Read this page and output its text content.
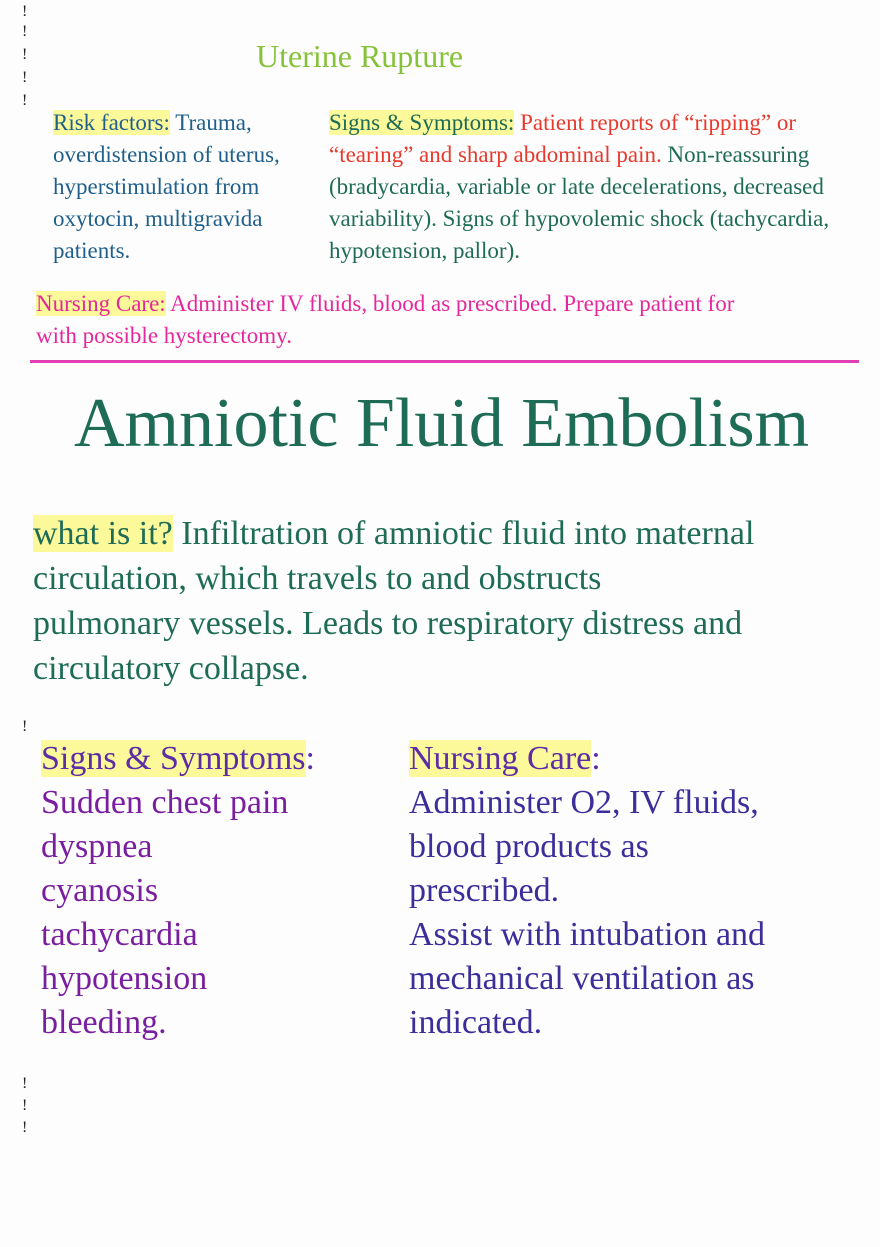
!
!
!
!
!
!
!
!
!
Uterine Rupture
Risk factors: Trauma,
overdistension of uterus,
hyperstimulation from
oxytocin, multigravida
patients.
Signs & Symptoms: Patient reports of “ripping” or
“tearing” and sharp abdominal pain. Non-reassuring
(bradycardia, variable or late decelerations, decreased
variability). Signs of hypovolemic shock (tachycardia,
hypotension, pallor).
Nursing Care: Administer IV fluids, blood as prescribed. Prepare patient for
with possible hysterectomy.
Amniotic Fluid Embolism
what is it? Infiltration of amniotic fluid into maternal
circulation, which travels to and obstructs
pulmonary vessels. Leads to respiratory distress and
circulatory collapse.
Signs & Symptoms:
Sudden chest pain
dyspnea
cyanosis
tachycardia
hypotension
bleeding.
Nursing Care:
Administer O2, IV fluids,
blood products as
prescribed.
Assist with intubation and
mechanical ventilation as
indicated.
